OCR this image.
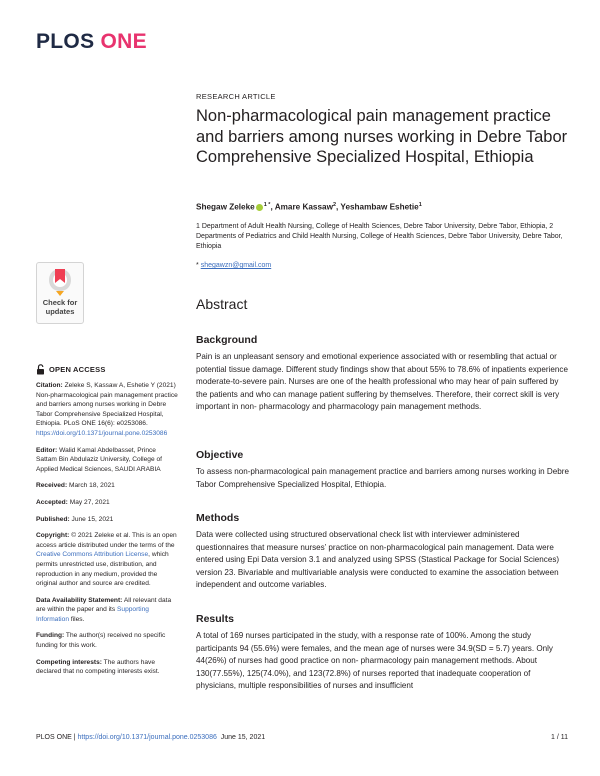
PLOS ONE
Check for updates
OPEN ACCESS

Citation: Zeleke S, Kassaw A, Eshetie Y (2021) Non-pharmacological pain management practice and barriers among nurses working in Debre Tabor Comprehensive Specialized Hospital, Ethiopia. PLoS ONE 16(6): e0253086. https://doi.org/10.1371/journal.pone.0253086

Editor: Walid Kamal Abdelbasset, Prince Sattam Bin Abdulaziz University, College of Applied Medical Sciences, SAUDI ARABIA

Received: March 18, 2021

Accepted: May 27, 2021

Published: June 15, 2021

Copyright: © 2021 Zeleke et al. This is an open access article distributed under the terms of the Creative Commons Attribution License, which permits unrestricted use, distribution, and reproduction in any medium, provided the original author and source are credited.

Data Availability Statement: All relevant data are within the paper and its Supporting Information files.

Funding: The author(s) received no specific funding for this work.

Competing interests: The authors have declared that no competing interests exist.

RESEARCH ARTICLE
Non-pharmacological pain management practice and barriers among nurses working in Debre Tabor Comprehensive Specialized Hospital, Ethiopia
Shegaw Zeleke $^{1 *}$, Amare Kassaw$^2$, Yeshambaw Eshetie$^1$
1 Department of Adult Health Nursing, College of Health Sciences, Debre Tabor University, Debre Tabor, Ethiopia, 2 Departments of Pediatrics and Child Health Nursing, College of Health Sciences, Debre Tabor University, Debre Tabor, Ethiopia
* shegawzn@gmail.com
Abstract
Background
Pain is an unpleasant sensory and emotional experience associated with or resembling that actual or potential tissue damage. Different study findings show that about 55% to 78.6% of inpatients experience moderate-to-severe pain. Nurses are one of the health professional who may hear of pain suffered by the patients and who can manage patient suffering by themselves. Therefore, their correct skill is very important in non- pharmacology and pharmacology pain management methods.
Objective
To assess non-pharmacological pain management practice and barriers among nurses working in Debre Tabor Comprehensive Specialized Hospital, Ethiopia.
Methods
Data were collected using structured observational check list with interviewer administered questionnaires that measure nurses’ practice on non-pharmacological pain management. Data were entered using Epi Data version 3.1 and analyzed using SPSS (Stastical Package for Social Sciences) version 23. Bivariable and multivariable analysis were conducted to examine the association between independent and outcome variables.
Results
A total of 169 nurses participated in the study, with a response rate of 100%. Among the study participants 94 (55.6%) were females, and the mean age of nurses were 34.9(SD = 5.7) years. Only 44(26%) of nurses had good practice on non- pharmacology pain management methods. About 130(77.55%), 125(74.0%), and 123(72.8%) of nurses reported that inadequate cooperation of physicians, multiple responsibilities of nurses and insufficient
PLOS ONE | https://doi.org/10.1371/journal.pone.0253086 June 15, 2021	1 / 11
